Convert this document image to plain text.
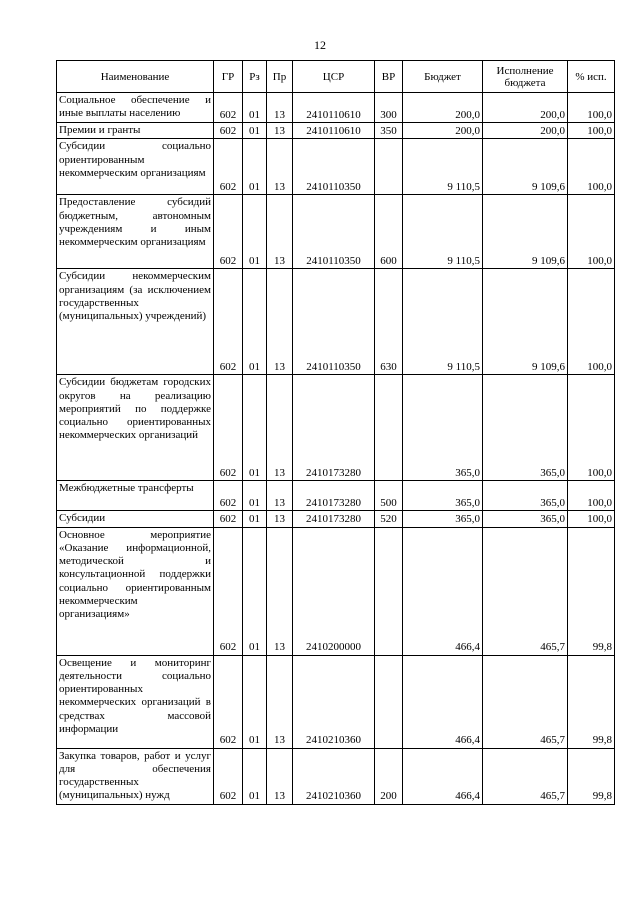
12
Наименование	ГР	Рз	Пр	ЦСР	ВР	Бюджет	Исполнение бюджета	% исп.
Социальное обеспечение и иные выплаты населению	602	01	13	2410110610	300	200,0	200,0	100,0
Премии и гранты	602	01	13	2410110610	350	200,0	200,0	100,0
Субсидии социально ориентированным некоммерческим организациям	602	01	13	2410110350		9 110,5	9 109,6	100,0
Предоставление субсидий бюджетным, автономным учреждениям и иным некоммерческим организациям	602	01	13	2410110350	600	9 110,5	9 109,6	100,0
Субсидии некоммерческим организациям (за исключением государственных (муниципальных) учреждений)	602	01	13	2410110350	630	9 110,5	9 109,6	100,0
Субсидии бюджетам городских округов на реализацию мероприятий по поддержке социально ориентированных некоммерческих организаций	602	01	13	2410173280		365,0	365,0	100,0
Межбюджетные трансферты	602	01	13	2410173280	500	365,0	365,0	100,0
Субсидии	602	01	13	2410173280	520	365,0	365,0	100,0
Основное мероприятие «Оказание информационной, методической и консультационной поддержки социально ориентированным некоммерческим организациям»	602	01	13	2410200000		466,4	465,7	99,8
Освещение и мониторинг деятельности социально ориентированных некоммерческих организаций в средствах массовой информации	602	01	13	2410210360		466,4	465,7	99,8
Закупка товаров, работ и услуг для обеспечения государственных (муниципальных) нужд	602	01	13	2410210360	200	466,4	465,7	99,8
